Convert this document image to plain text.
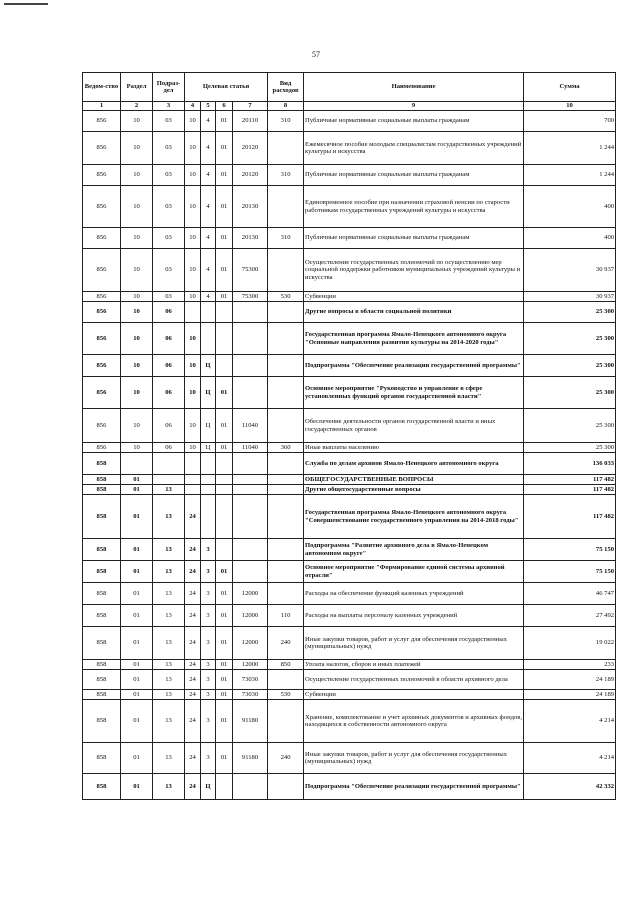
57
Ведом-ство	Раздел	Подраз-дел	Целевая статья				Вид расходов	Наименование	Сумма
1	2	3	4	5	6	7	8	9	10
856	10	03	10	4	01	20110	310	Публичные нормативные социальные выплаты гражданам	700
856	10	03	10	4	01	20120		Ежемесячное пособие молодым специалистам государственных учреждений культуры и искусства	1 244
856	10	03	10	4	01	20120	310	Публичные нормативные социальные выплаты гражданам	1 244
856	10	03	10	4	01	20130		Единовременное пособие при назначении страховой пенсии по старости работникам государственных учреждений культуры и искусства	400
856	10	03	10	4	01	20130	310	Публичные нормативные социальные выплаты гражданам	400
856	10	03	10	4	01	75300		Осуществление государственных полномочий по осуществлению мер социальной поддержки работников муниципальных учреждений культуры и искусства	30 937
856	10	03	10	4	01	75300	530	Субвенции	30 937
856	10	06						Другие вопросы в области социальной политики	25 300
856	10	06	10					Государственная программа Ямало-Ненецкого автономного округа "Основные направления развития культуры на 2014-2020 годы"	25 300
856	10	06	10	Ц				Подпрограмма "Обеспечение реализации государственной программы"	25 300
856	10	06	10	Ц	01			Основное мероприятие "Руководство и управление в сфере установленных функций органов государственной власти"	25 300
856	10	06	10	Ц	01	11040		Обеспечение деятельности органов государственной власти и иных государственных органов	25 300
856	10	06	10	Ц	01	11040	360	Иные выплаты населению	25 300
858								Служба по делам архивов Ямало-Ненецкого автономного округа	136 033
858	01							ОБЩЕГОСУДАРСТВЕННЫЕ ВОПРОСЫ	117 482
858	01	13						Другие общегосударственные вопросы	117 482
858	01	13	24					Государственная программа Ямало-Ненецкого автономного округа "Совершенствование государственного управления на 2014-2018 годы"	117 482
858	01	13	24	3				Подпрограмма "Развитие архивного дела в Ямало-Ненецком автономном округе"	75 150
858	01	13	24	3	01			Основное мероприятие "Формирование единой системы архивной отрасли"	75 150
858	01	13	24	3	01	12000		Расходы на обеспечение функций казенных учреждений	46 747
858	01	13	24	3	01	12000	110	Расходы на выплаты персоналу казенных учреждений	27 492
858	01	13	24	3	01	12000	240	Иные закупки товаров, работ и услуг для обеспечения государственных (муниципальных) нужд	19 022
858	01	13	24	3	01	12000	850	Уплата налогов, сборов и иных платежей	233
858	01	13	24	3	01	73030		Осуществление государственных полномочий в области архивного дела	24 189
858	01	13	24	3	01	73030	530	Субвенции	24 189
858	01	13	24	3	01	91180		Хранение, комплектование и учет архивных документов и архивных фондов, находящихся в собственности автономного округа	4 214
858	01	13	24	3	01	91180	240	Иные закупки товаров, работ и услуг для обеспечения государственных (муниципальных) нужд	4 214
858	01	13	24	Ц				Подпрограмма "Обеспечение реализации государственной программы"	42 332
